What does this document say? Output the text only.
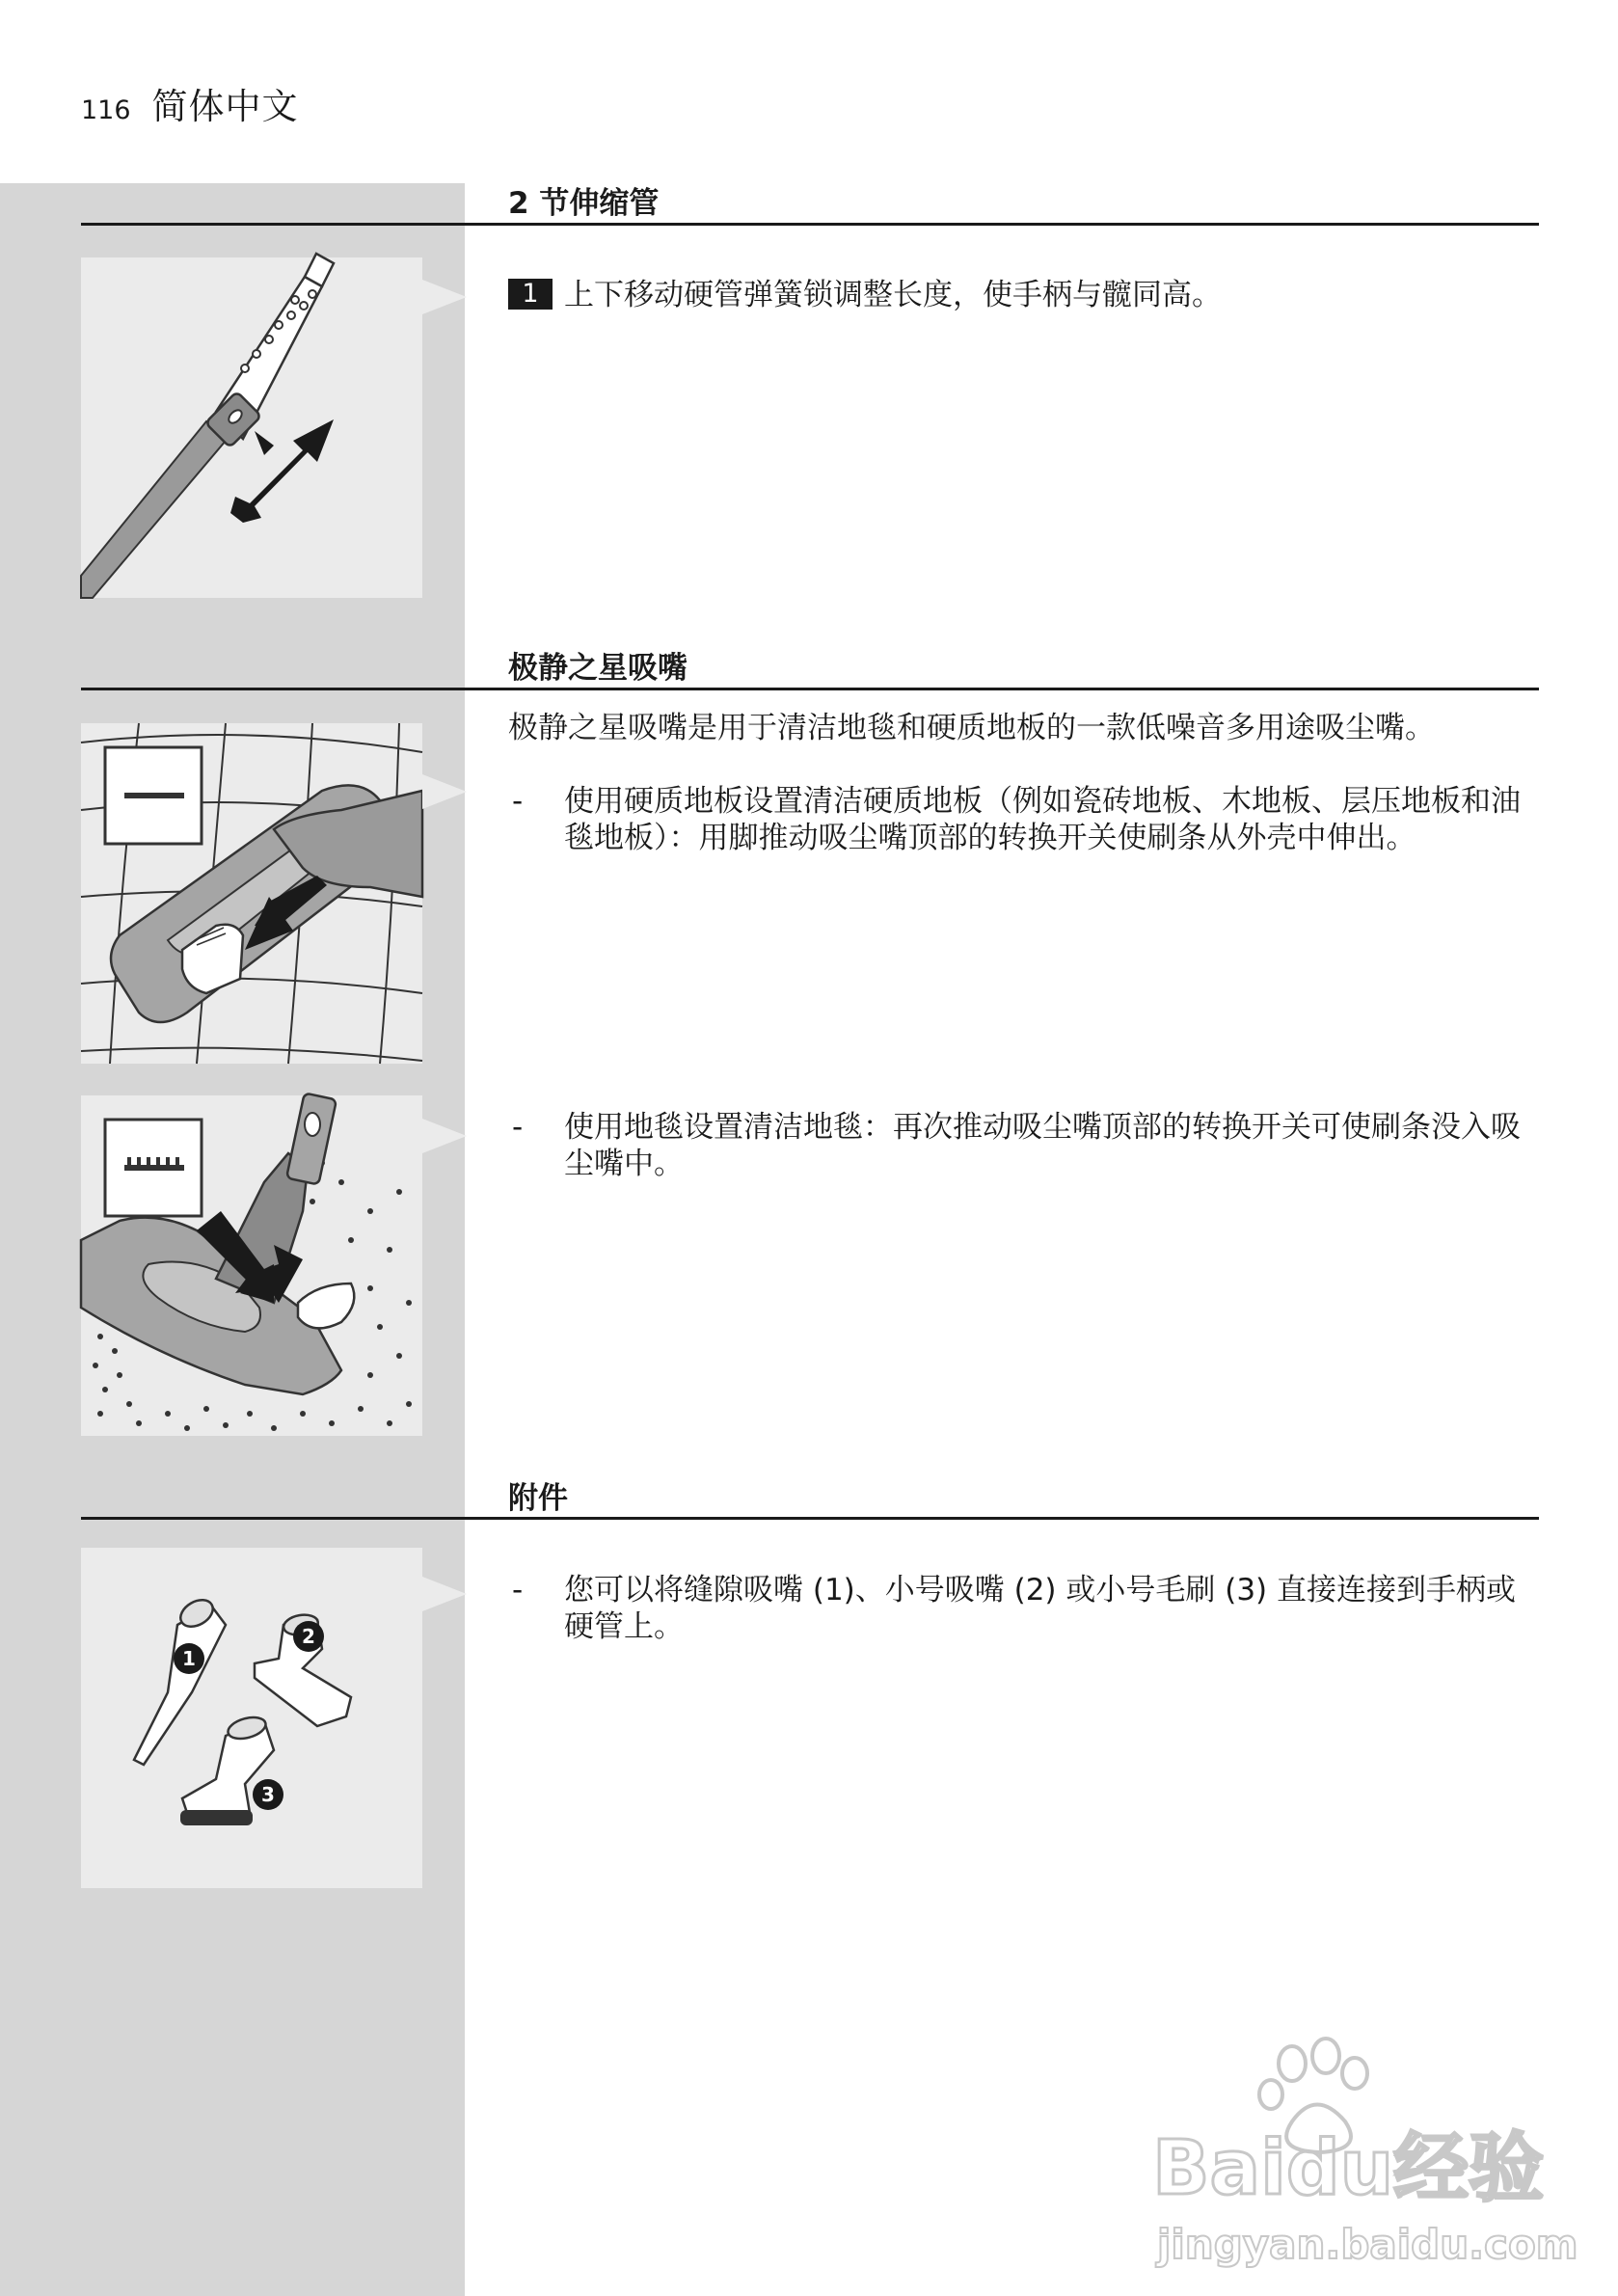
116 简体中文
2 节伸缩管
1 上下移动硬管弹簧锁调整长度，使手柄与髋同高。
极静之星吸嘴
极静之星吸嘴是用于清洁地毯和硬质地板的一款低噪音多用途吸尘嘴。
-	使用硬质地板设置清洁硬质地板（例如瓷砖地板、木地板、层压地板和油毯地板）：用脚推动吸尘嘴顶部的转换开关使刷条从外壳中伸出。
-	使用地毯设置清洁地毯：再次推动吸尘嘴顶部的转换开关可使刷条没入吸尘嘴中。
附件
1
2
3
-	您可以将缝隙吸嘴 (1)、小号吸嘴 (2) 或小号毛刷 (3) 直接连接到手柄或硬管上。
Baidu经验
jingyan.baidu.com
